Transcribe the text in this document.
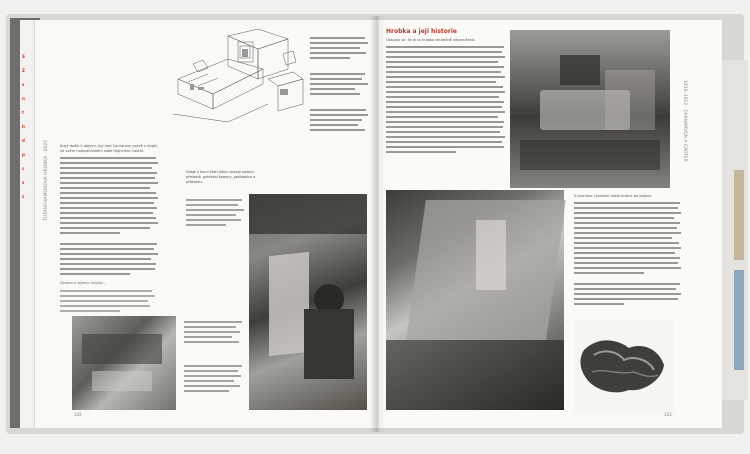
S
Z
s
n
t
h
d
p
c
s
z	TUTANCHAMONOVA HROBKA · 1922	Když došlo k objevu, byl lord Carnarvon právě v Anglii, ve svém hampshirském sídle Highclere Castle.
Zpráva o objevu hrobky...
Údaje v horní části plánu ukazují polohu předsíně, pohřební komory, pokladnice a přístavku.
142
Hrobka a její historie
Ukázalo se, že je to hrobka skutečně neporušená.
1916–1922 · CARNARVON A CARTER
K prvnímu vyklizení došlo krátce po objevu.
143
